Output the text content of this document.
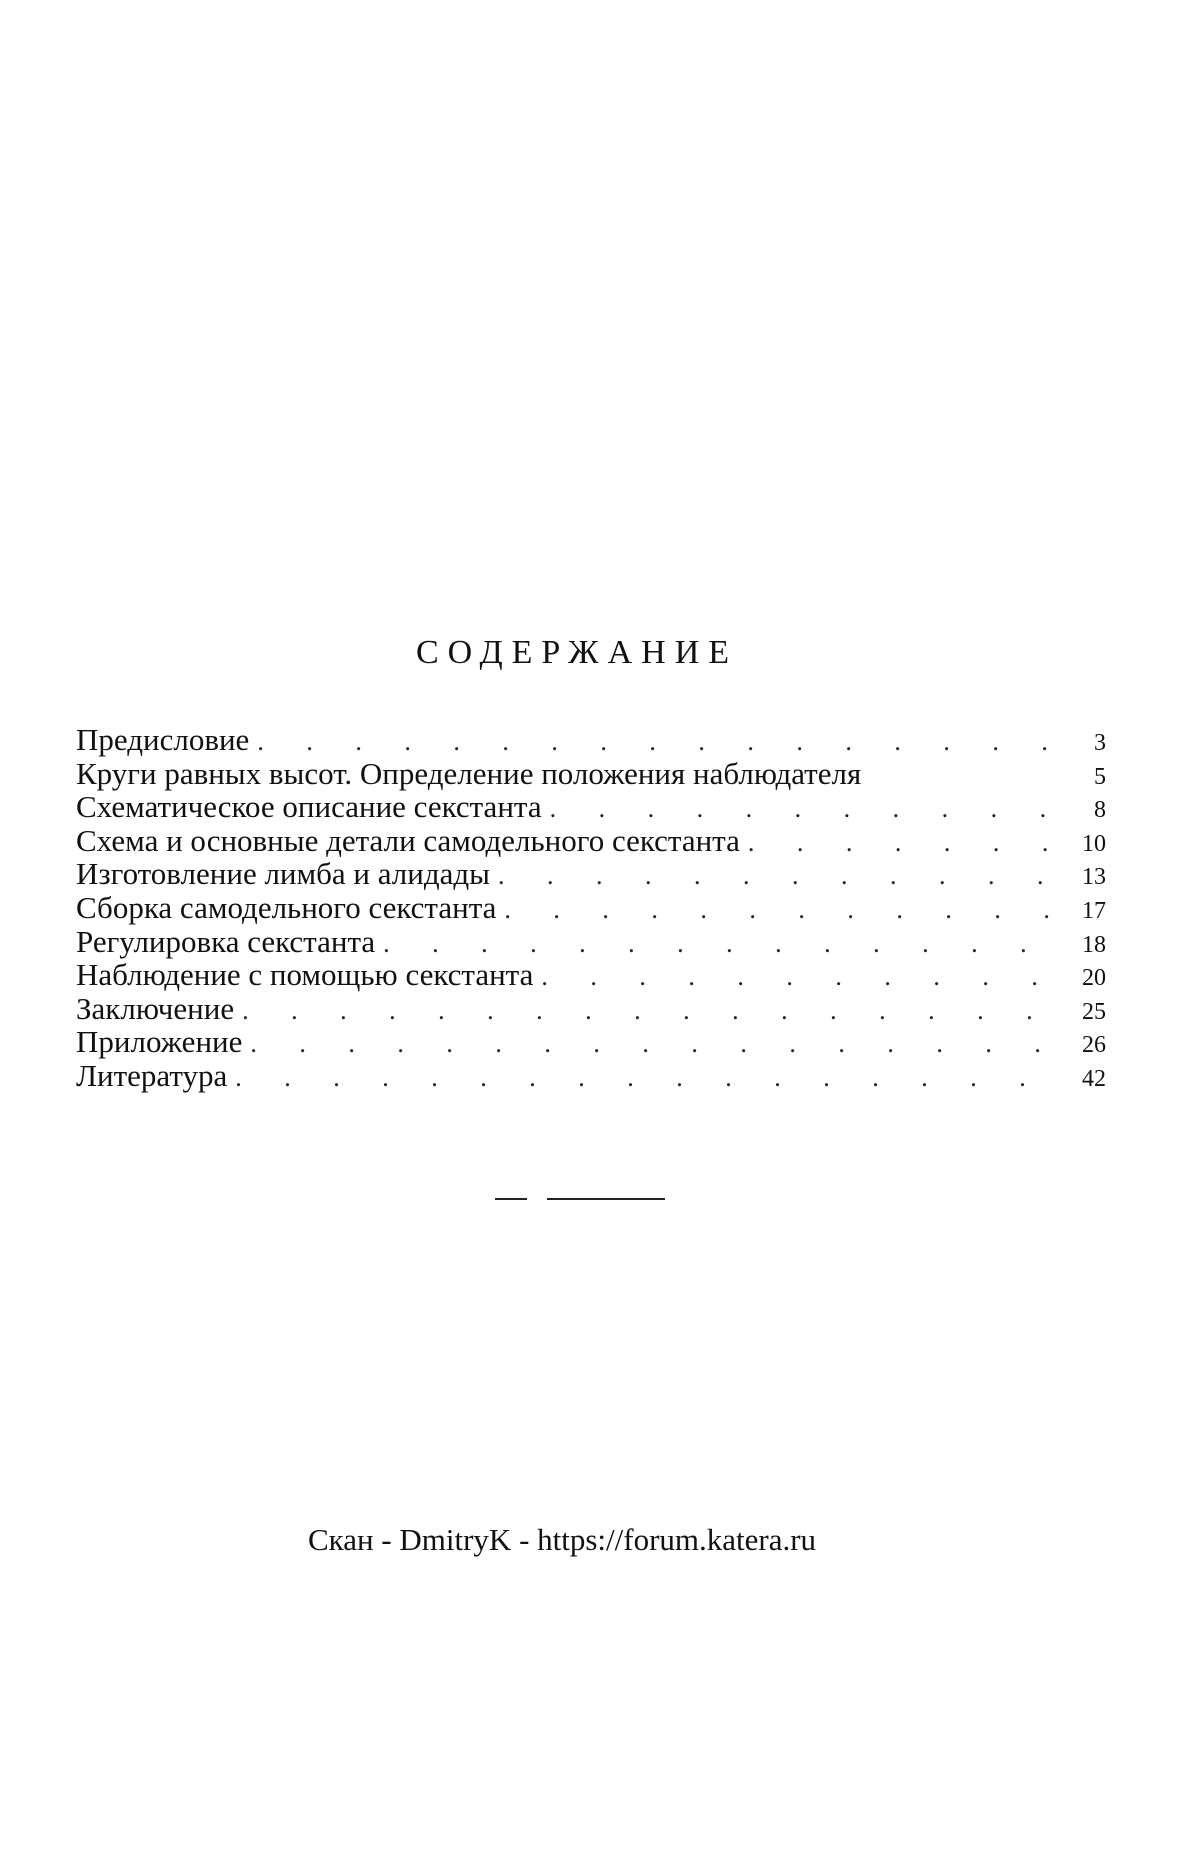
СОДЕРЖАНИЕ
Предисловие . . .	3
Круги равных высот. Определение положения наблюдателя	5
Схематическое описание секстанта . . .	8
Схема и основные детали самодельного секстанта . . .	10
Изготовление лимба и алидады . . .	13
Сборка самодельного секстанта . . .	17
Регулировка секстанта . . .	18
Наблюдение с помощью секстанта . . .	20
Заключение . . .	25
Приложение . . .	26
Литература . . .	42
Скан - DmitryK - https://forum.katera.ru
